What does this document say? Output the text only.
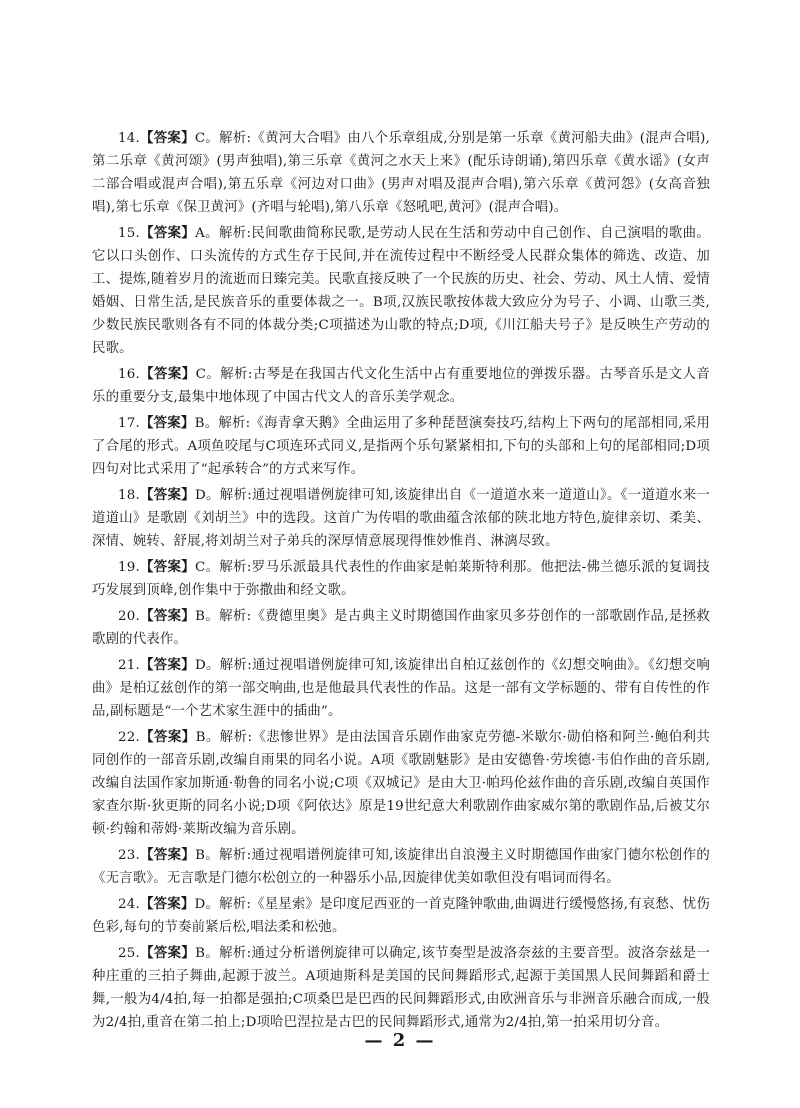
14.【答案】C。解析:《黄河大合唱》由八个乐章组成,分别是第一乐章《黄河船夫曲》(混声合唱),第二乐章《黄河颂》(男声独唱),第三乐章《黄河之水天上来》(配乐诗朗诵),第四乐章《黄水谣》(女声二部合唱或混声合唱),第五乐章《河边对口曲》(男声对唱及混声合唱),第六乐章《黄河怨》(女高音独唱),第七乐章《保卫黄河》(齐唱与轮唱),第八乐章《怒吼吧,黄河》(混声合唱)。

15.【答案】A。解析:民间歌曲简称民歌,是劳动人民在生活和劳动中自己创作、自己演唱的歌曲。它以口头创作、口头流传的方式生存于民间,并在流传过程中不断经受人民群众集体的筛选、改造、加工、提炼,随着岁月的流逝而日臻完美。民歌直接反映了一个民族的历史、社会、劳动、风土人情、爱情婚姻、日常生活,是民族音乐的重要体裁之一。B项,汉族民歌按体裁大致应分为号子、小调、山歌三类,少数民族民歌则各有不同的体裁分类;C项描述为山歌的特点;D项,《川江船夫号子》是反映生产劳动的民歌。

16.【答案】C。解析:古琴是在我国古代文化生活中占有重要地位的弹拨乐器。古琴音乐是文人音乐的重要分支,最集中地体现了中国古代文人的音乐美学观念。

17.【答案】B。解析:《海青拿天鹅》全曲运用了多种琵琶演奏技巧,结构上下两句的尾部相同,采用了合尾的形式。A项鱼咬尾与C项连环式同义,是指两个乐句紧紧相扣,下句的头部和上句的尾部相同;D项四句对比式采用了“起承转合”的方式来写作。

18.【答案】D。解析:通过视唱谱例旋律可知,该旋律出自《一道道水来一道道山》。《一道道水来一道道山》是歌剧《刘胡兰》中的选段。这首广为传唱的歌曲蕴含浓郁的陕北地方特色,旋律亲切、柔美、深情、婉转、舒展,将刘胡兰对子弟兵的深厚情意展现得惟妙惟肖、淋漓尽致。

19.【答案】C。解析:罗马乐派最具代表性的作曲家是帕莱斯特利那。他把法-佛兰德乐派的复调技巧发展到顶峰,创作集中于弥撒曲和经文歌。

20.【答案】B。解析:《费德里奥》是古典主义时期德国作曲家贝多芬创作的一部歌剧作品,是拯救歌剧的代表作。

21.【答案】D。解析:通过视唱谱例旋律可知,该旋律出自柏辽兹创作的《幻想交响曲》。《幻想交响曲》是柏辽兹创作的第一部交响曲,也是他最具代表性的作品。这是一部有文学标题的、带有自传性的作品,副标题是“一个艺术家生涯中的插曲”。

22.【答案】B。解析:《悲惨世界》是由法国音乐剧作曲家克劳德-米歇尔·勋伯格和阿兰·鲍伯利共同创作的一部音乐剧,改编自雨果的同名小说。A项《歌剧魅影》是由安德鲁·劳埃德·韦伯作曲的音乐剧,改编自法国作家加斯通·勒鲁的同名小说;C项《双城记》是由大卫·帕玛伦兹作曲的音乐剧,改编自英国作家查尔斯·狄更斯的同名小说;D项《阿依达》原是19世纪意大利歌剧作曲家威尔第的歌剧作品,后被艾尔顿·约翰和蒂姆·莱斯改编为音乐剧。

23.【答案】B。解析:通过视唱谱例旋律可知,该旋律出自浪漫主义时期德国作曲家门德尔松创作的《无言歌》。无言歌是门德尔松创立的一种器乐小品,因旋律优美如歌但没有唱词而得名。

24.【答案】D。解析:《星星索》是印度尼西亚的一首克隆钟歌曲,曲调进行缓慢悠扬,有哀愁、忧伤色彩,每句的节奏前紧后松,唱法柔和松弛。

25.【答案】B。解析:通过分析谱例旋律可以确定,该节奏型是波洛奈兹的主要音型。波洛奈兹是一种庄重的三拍子舞曲,起源于波兰。A项迪斯科是美国的民间舞蹈形式,起源于美国黑人民间舞蹈和爵士舞,一般为4/4拍,每一拍都是强拍;C项桑巴是巴西的民间舞蹈形式,由欧洲音乐与非洲音乐融合而成,一般为2/4拍,重音在第二拍上;D项哈巴涅拉是古巴的民间舞蹈形式,通常为2/4拍,第一拍采用切分音。

— 2 —
